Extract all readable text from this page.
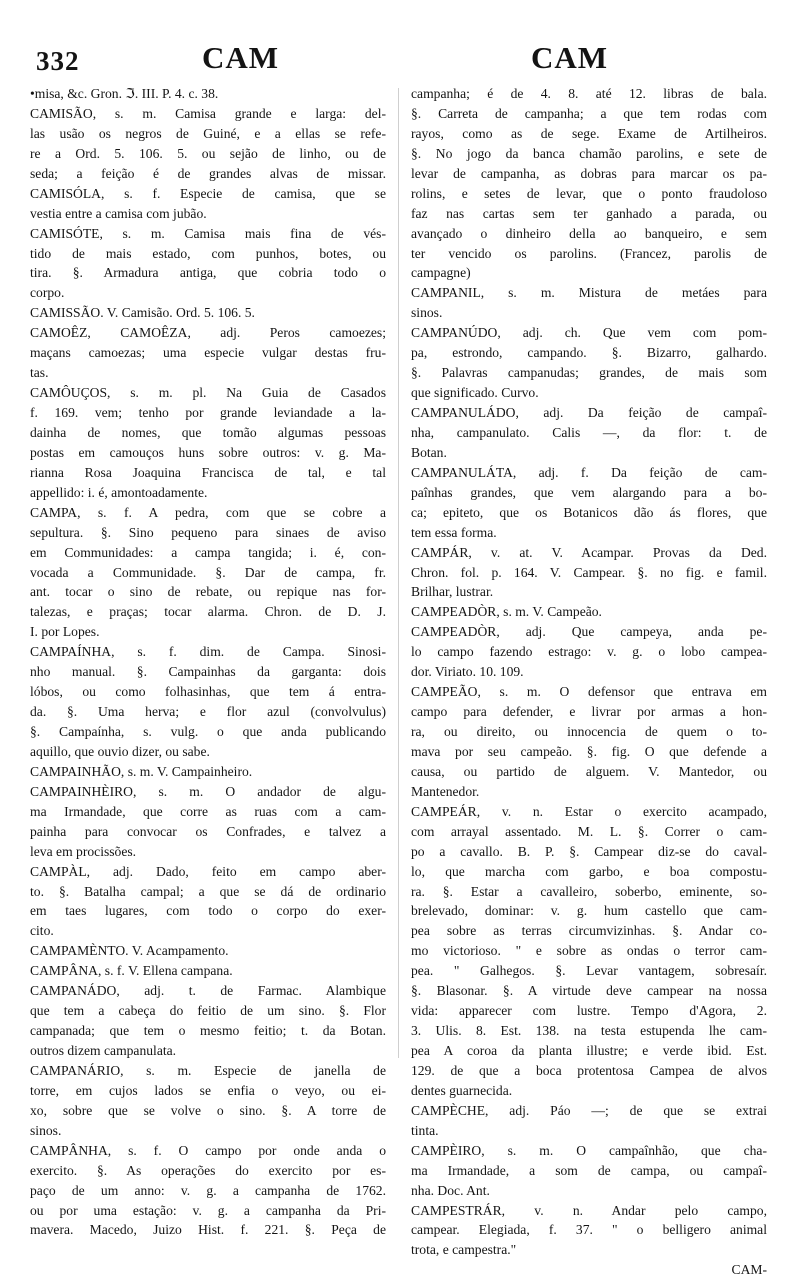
332	CAM	CAM
•misa, &c. Gron. ℑ. III. P. 4. c. 38.
CAMISÃO, s. m. Camisa grande e larga: del-
las usão os negros de Guiné, e a ellas se refe-
re a Ord. 5. 106. 5. ou sejão de linho, ou de
seda; a feição é de grandes alvas de missar.
CAMISÓLA, s. f. Especie de camisa, que se
vestia entre a camisa com jubão.
CAMISÓTE, s. m. Camisa mais fina de vés-
tido de mais estado, com punhos, botes, ou
tira. §. Armadura antiga, que cobria todo o
corpo.
CAMISSÃO. V. Camisão. Ord. 5. 106. 5.
CAMOÊZ, CAMOÊZA, adj. Peros camoezes;
maçans camoezas; uma especie vulgar destas fru-
tas.
CAMÔUÇOS, s. m. pl. Na Guia de Casados
f. 169. vem; tenho por grande leviandade a la-
dainha de nomes, que tomão algumas pessoas
postas em camouços huns sobre outros: v. g. Ma-
rianna Rosa Joaquina Francisca de tal, e tal
appellido: i. é, amontoadamente.
CAMPA, s. f. A pedra, com que se cobre a
sepultura. §. Sino pequeno para sinaes de aviso
em Communidades: a campa tangida; i. é, con-
vocada a Communidade. §. Dar de campa, fr.
ant. tocar o sino de rebate, ou repique nas for-
talezas, e praças; tocar alarma. Chron. de D. J.
I. por Lopes.
CAMPAÍNHA, s. f. dim. de Campa. Sinosi-
nho manual. §. Campainhas da garganta: dois
lóbos, ou como folhasinhas, que tem á entra-
da. §. Uma herva; e flor azul (convolvulus)
§. Campaínha, s. vulg. o que anda publicando
aquillo, que ouvio dizer, ou sabe.
CAMPAINHÃO, s. m. V. Campainheiro.
CAMPAINHÈIRO, s. m. O andador de algu-
ma Irmandade, que corre as ruas com a cam-
painha para convocar os Confrades, e talvez a
leva em procissões.
CAMPÀL, adj. Dado, feito em campo aber-
to. §. Batalha campal; a que se dá de ordinario
em taes lugares, com todo o corpo do exer-
cito.
CAMPAMÈNTO. V. Acampamento.
CAMPÂNA, s. f. V. Ellena campana.
CAMPANÁDO, adj. t. de Farmac. Alambique
que tem a cabeça do feitio de um sino. §. Flor
campanada; que tem o mesmo feitio; t. da Botan.
outros dizem campanulata.
CAMPANÁRIO, s. m. Especie de janella de
torre, em cujos lados se enfia o veyo, ou ei-
xo, sobre que se volve o sino. §. A torre de
sinos.
CAMPÂNHA, s. f. O campo por onde anda o
exercito. §. As operações do exercito por es-
paço de um anno: v. g. a campanha de 1762.
ou por uma estação: v. g. a campanha da Pri-
mavera. Macedo, Juizo Hist. f. 221. §. Peça de
campanha; é de 4. 8. até 12. libras de bala.
§. Carreta de campanha; a que tem rodas com
rayos, como as de sege. Exame de Artilheiros.
§. No jogo da banca chamão parolins, e sete de
levar de campanha, as dobras para marcar os pa-
rolins, e setes de levar, que o ponto fraudoloso
faz nas cartas sem ter ganhado a parada, ou
avançado o dinheiro della ao banqueiro, e sem
ter vencido os parolins. (Francez, parolis de
campagne)
CAMPANIL, s. m. Mistura de metáes para
sinos.
CAMPANÚDO, adj. ch. Que vem com pom-
pa, estrondo, campando. §. Bizarro, galhardo.
§. Palavras campanudas; grandes, de mais som
que significado. Curvo.
CAMPANULÁDO, adj. Da feição de campaî-
nha, campanulato. Calis —, da flor: t. de
Botan.
CAMPANULÁTA, adj. f. Da feição de cam-
paînhas grandes, que vem alargando para a bo-
ca; epiteto, que os Botanicos dão ás flores, que
tem essa forma.
CAMPÁR, v. at. V. Acampar. Provas da Ded.
Chron. fol. p. 164. V. Campear. §. no fig. e famil.
Brilhar, lustrar.
CAMPEADÒR, s. m. V. Campeão.
CAMPEADÒR, adj. Que campeya, anda pe-
lo campo fazendo estrago: v. g. o lobo campea-
dor. Viriato. 10. 109.
CAMPEÃO, s. m. O defensor que entrava em
campo para defender, e livrar por armas a hon-
ra, ou direito, ou innocencia de quem o to-
mava por seu campeão. §. fig. O que defende a
causa, ou partido de alguem. V. Mantedor, ou
Mantenedor.
CAMPEÁR, v. n. Estar o exercito acampado,
com arrayal assentado. M. L. §. Correr o cam-
po a cavallo. B. P. §. Campear diz-se do caval-
lo, que marcha com garbo, e boa compostu-
ra. §. Estar a cavalleiro, soberbo, eminente, so-
brelevado, dominar: v. g. hum castello que cam-
pea sobre as terras circumvizinhas. §. Andar co-
mo victorioso. " e sobre as ondas o terror cam-
pea. " Galhegos. §. Levar vantagem, sobresaír.
§. Blasonar. §. A virtude deve campear na nossa
vida: apparecer com lustre. Tempo d'Agora, 2.
3. Ulis. 8. Est. 138. na testa estupenda lhe cam-
pea A coroa da planta illustre; e verde ibid. Est.
129. de que a boca protentosa Campea de alvos
dentes guarnecida.
CAMPÈCHE, adj. Páo —; de que se extrai
tinta.
CAMPÈIRO, s. m. O campaînhão, que cha-
ma Irmandade, a som de campa, ou campaî-
nha. Doc. Ant.
CAMPESTRÁR, v. n. Andar pelo campo,
campear. Elegiada, f. 37. " o belligero animal
trota, e campestra."
CAM-
